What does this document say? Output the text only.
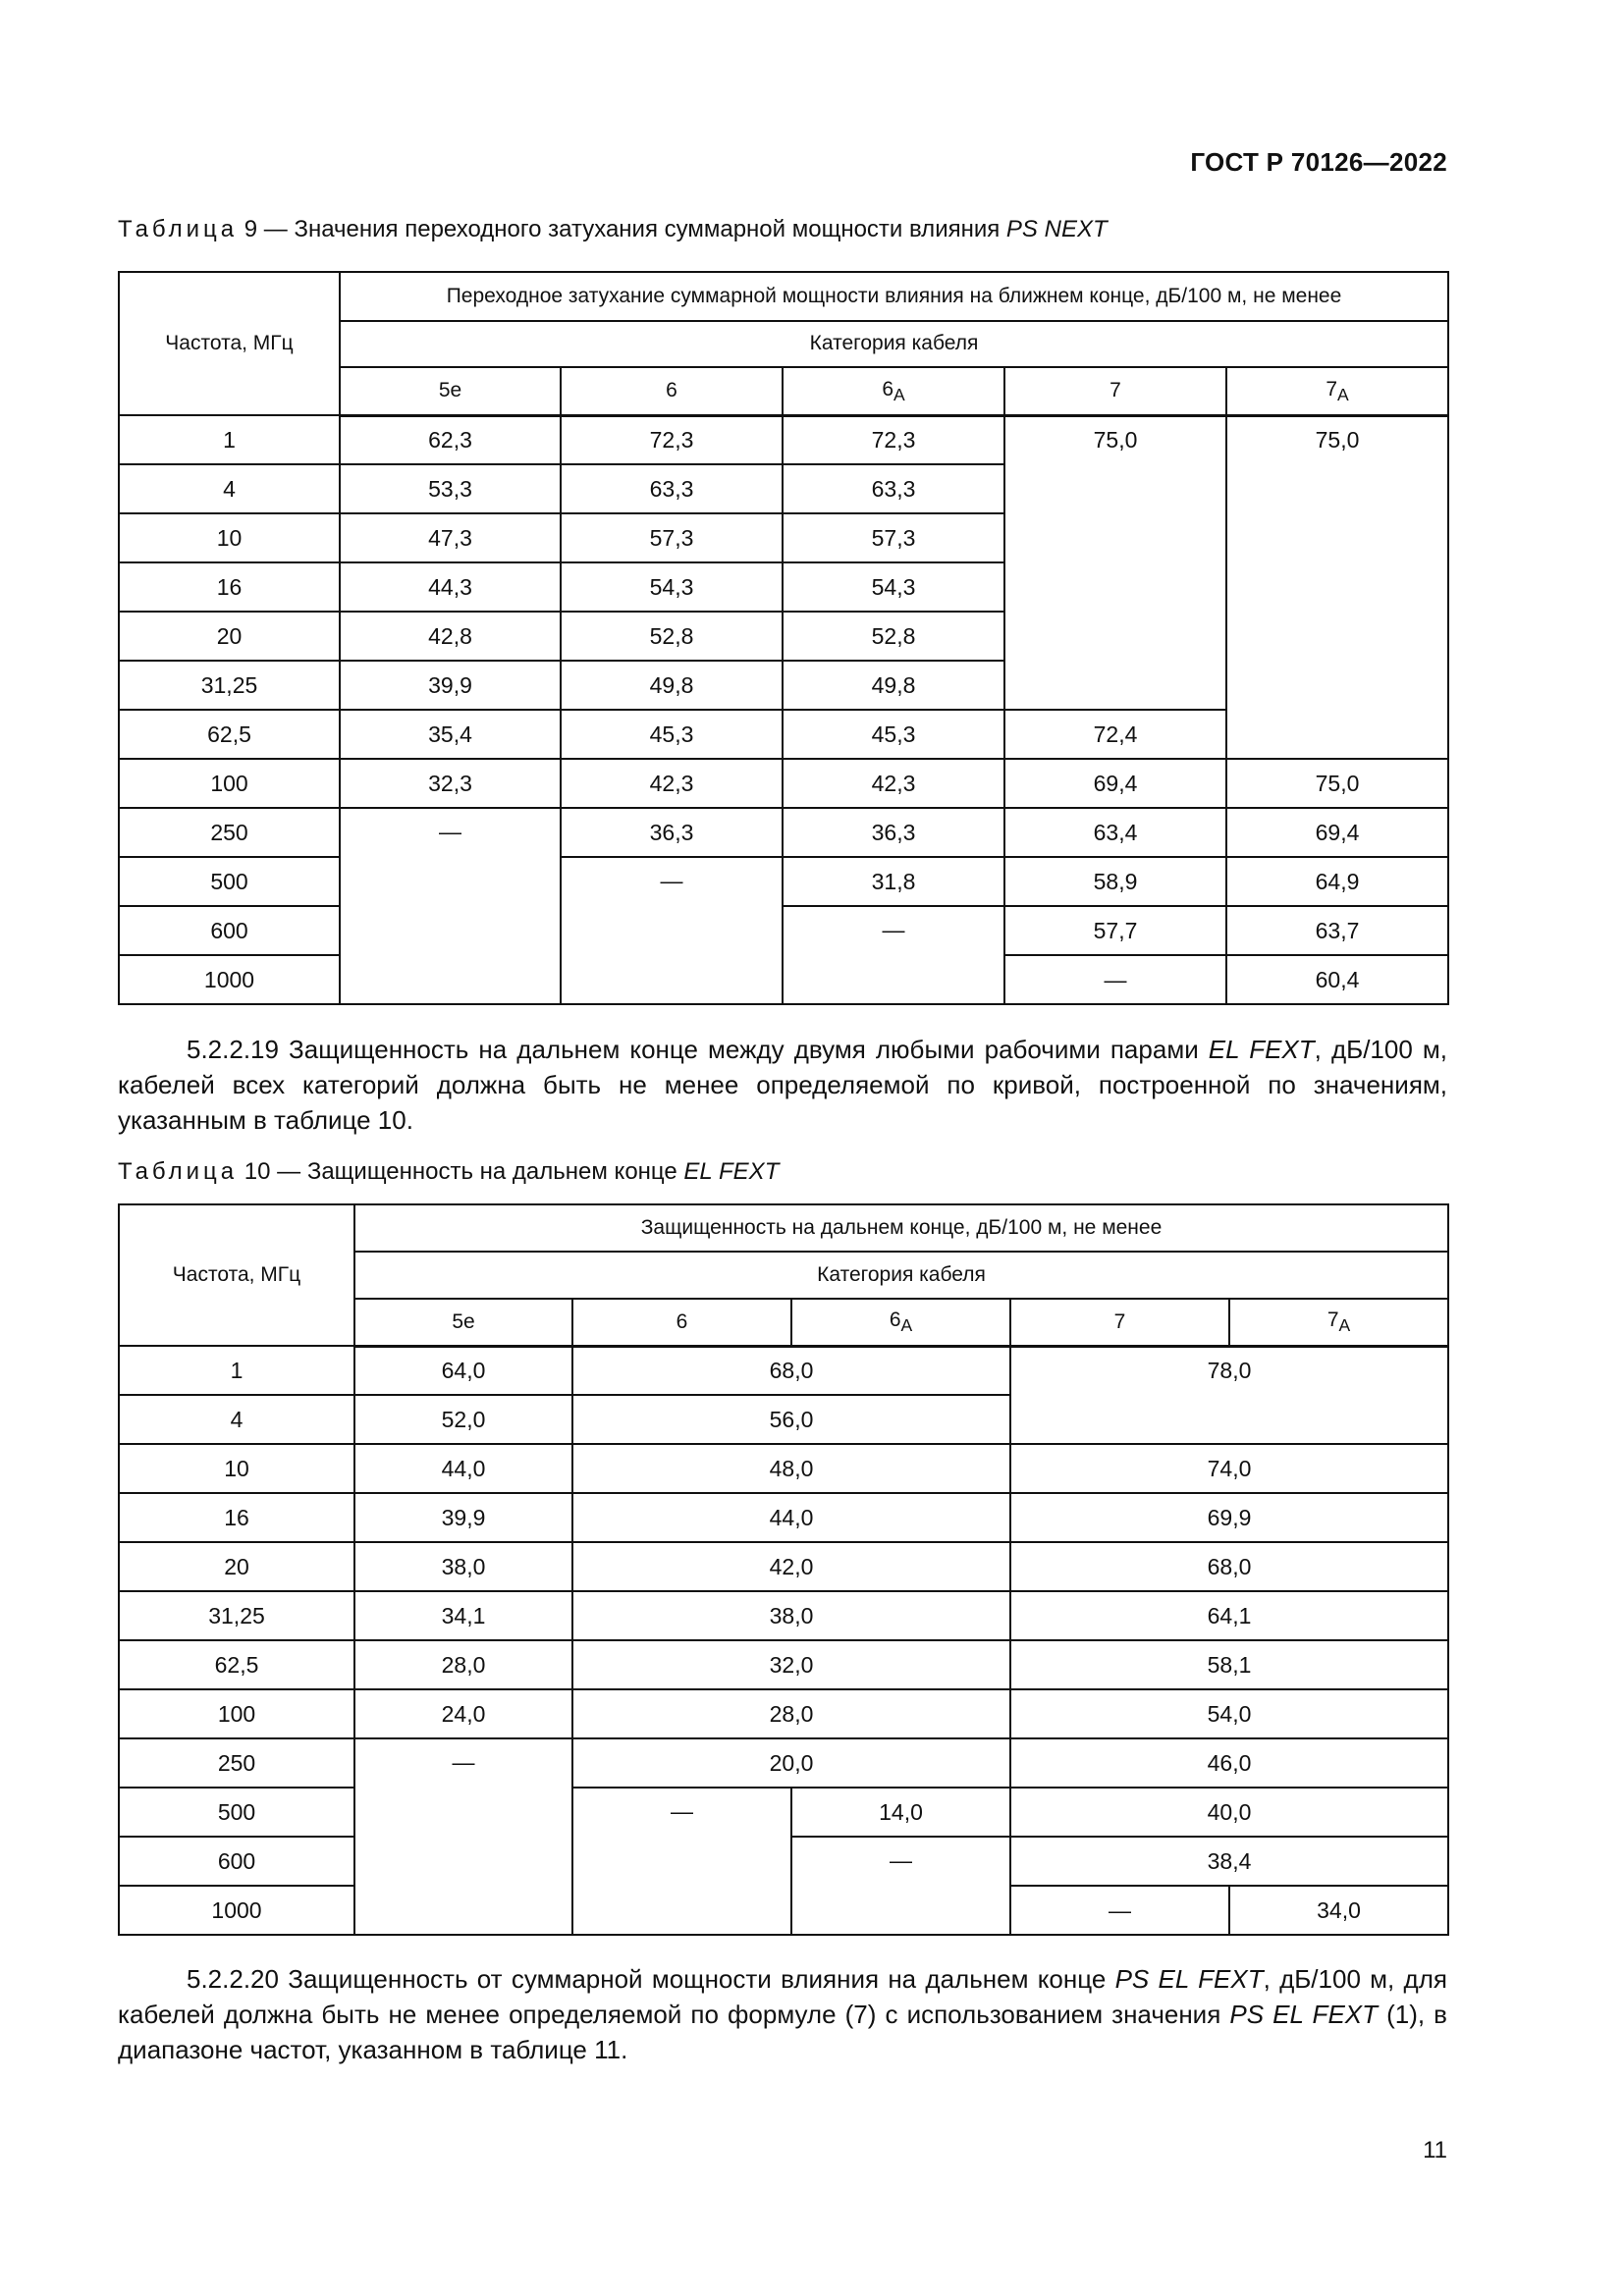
ГОСТ Р 70126—2022
Таблица 9 — Значения переходного затухания суммарной мощности влияния PS NEXT
Частота, МГц	Переходное затухание суммарной мощности влияния на ближнем конце, дБ/100 м, не менее				
	Категория кабеля				
	5e	6	$6_A$	7	$7_A$
1	62,3	72,3	72,3	75,0	75,0
4	53,3	63,3	63,3		
10	47,3	57,3	57,3		
16	44,3	54,3	54,3		
20	42,8	52,8	52,8		
31,25	39,9	49,8	49,8		
62,5	35,4	45,3	45,3	72,4	
100	32,3	42,3	42,3	69,4	75,0
250	—	36,3	36,3	63,4	69,4
500		—	31,8	58,9	64,9
600			—	57,7	63,7
1000				—	60,4
5.2.2.19 Защищенность на дальнем конце между двумя любыми рабочими парами EL FEXT, дБ/100 м, кабелей всех категорий должна быть не менее определяемой по кривой, построенной по значениям, указанным в таблице 10.
Таблица 10 — Защищенность на дальнем конце EL FEXT
Частота, МГц	Защищенность на дальнем конце, дБ/100 м, не менее				
	Категория кабеля				
	5e	6	$6_A$	7	$7_A$
1	64,0	68,0		78,0	
4	52,0	56,0			
10	44,0	48,0		74,0	
16	39,9	44,0		69,9	
20	38,0	42,0		68,0	
31,25	34,1	38,0		64,1	
62,5	28,0	32,0		58,1	
100	24,0	28,0		54,0	
250	—	20,0		46,0	
500		—	14,0	40,0	
600			—	38,4	
1000				—	34,0
5.2.2.20 Защищенность от суммарной мощности влияния на дальнем конце PS EL FEXT, дБ/100 м, для кабелей должна быть не менее определяемой по формуле (7) с использованием значения PS EL FEXT (1), в диапазоне частот, указанном в таблице 11.
11
